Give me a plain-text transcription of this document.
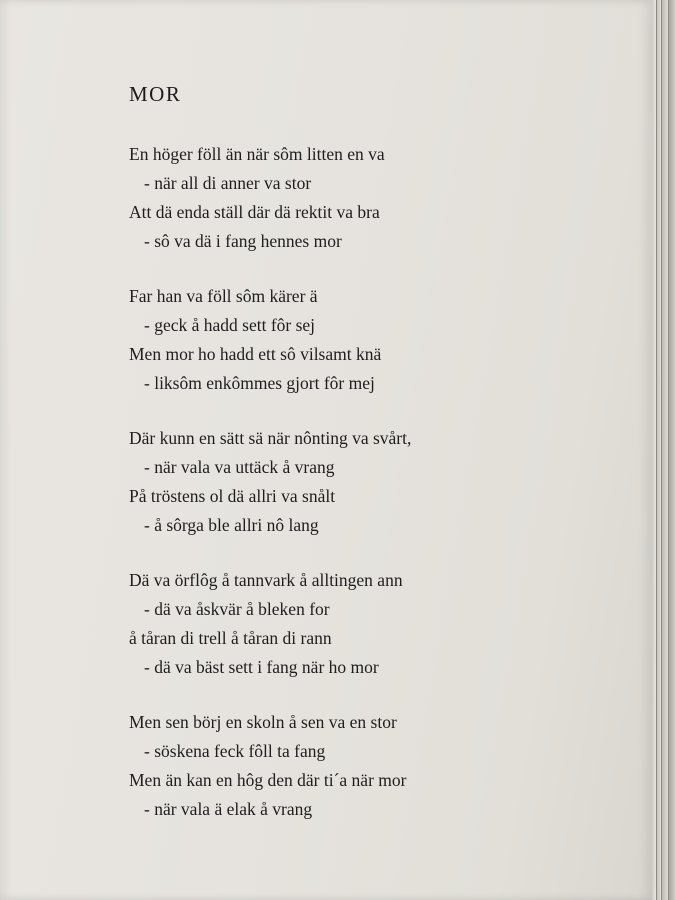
MOR
En höger föll än när sôm litten en va
- när all di anner va stor
Att dä enda ställ där dä rektit va bra
- sô va dä i fang hennes mor
Far han va föll sôm kärer ä
- geck å hadd sett fôr sej
Men mor ho hadd ett sô vilsamt knä
- liksôm enkômmes gjort fôr mej
Där kunn en sätt sä när nônting va svårt,
- när vala va uttäck å vrang
På tröstens ol dä allri va snålt
- å sôrga ble allri nô lang
Dä va örflôg å tannvark å alltingen ann
- dä va åskvär å bleken for
å tåran di trell å tåran di rann
- dä va bäst sett i fang när ho mor
Men sen börj en skoln å sen va en stor
- söskena feck fôll ta fang
Men än kan en hôg den där ti´a när mor
- när vala ä elak å vrang
